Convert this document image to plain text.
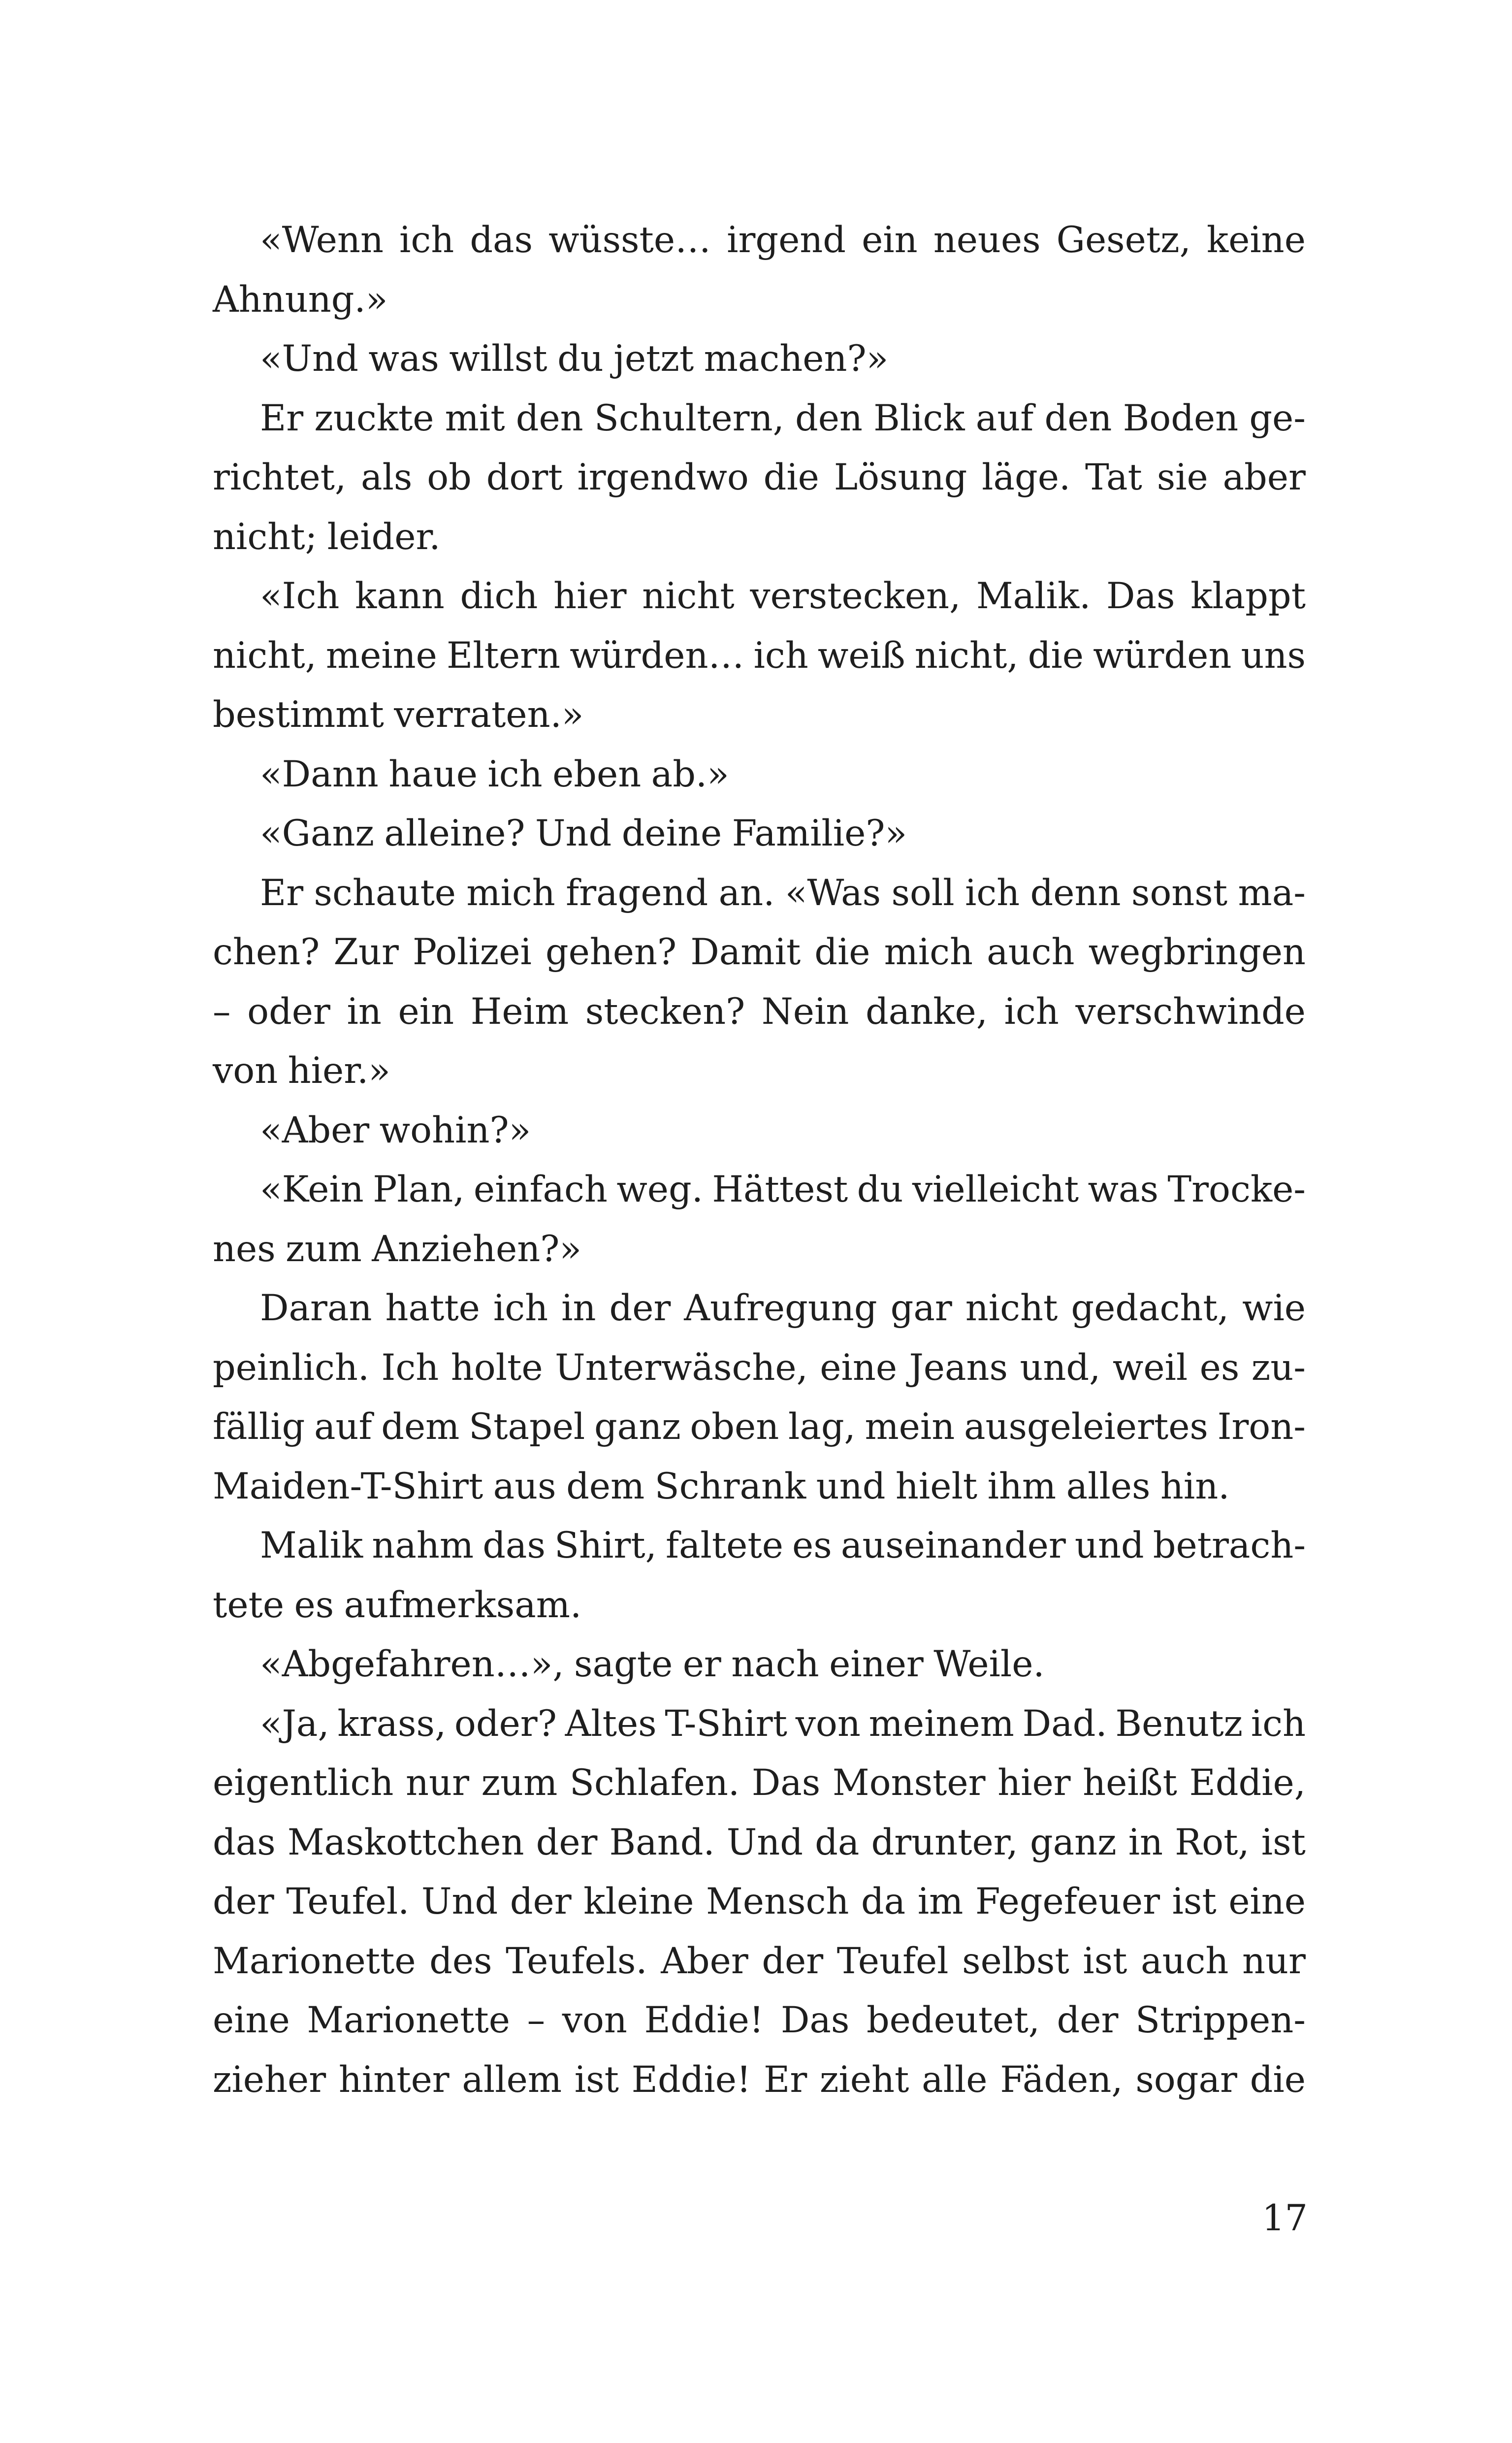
«Wenn ich das wüsste… irgend ein neues Gesetz, keine
Ahnung.»
«Und was willst du jetzt machen?»
Er zuckte mit den Schultern, den Blick auf den Boden ge-
richtet, als ob dort irgendwo die Lösung läge. Tat sie aber
nicht; leider.
«Ich kann dich hier nicht verstecken, Malik. Das klappt
nicht, meine Eltern würden… ich weiß nicht, die würden uns
bestimmt verraten.»
«Dann haue ich eben ab.»
«Ganz alleine? Und deine Familie?»
Er schaute mich fragend an. «Was soll ich denn sonst ma-
chen? Zur Polizei gehen? Damit die mich auch wegbringen
– oder in ein Heim stecken? Nein danke, ich verschwinde
von hier.»
«Aber wohin?»
«Kein Plan, einfach weg. Hättest du vielleicht was Trocke-
nes zum Anziehen?»
Daran hatte ich in der Aufregung gar nicht gedacht, wie
peinlich. Ich holte Unterwäsche, eine Jeans und, weil es zu-
fällig auf dem Stapel ganz oben lag, mein ausgeleiertes Iron-
Maiden-T-Shirt aus dem Schrank und hielt ihm alles hin.
Malik nahm das Shirt, faltete es auseinander und betrach-
tete es aufmerksam.
«Abgefahren…», sagte er nach einer Weile.
«Ja, krass, oder? Altes T-Shirt von meinem Dad. Benutz ich
eigentlich nur zum Schlafen. Das Monster hier heißt Eddie,
das Maskottchen der Band. Und da drunter, ganz in Rot, ist
der Teufel. Und der kleine Mensch da im Fegefeuer ist eine
Marionette des Teufels. Aber der Teufel selbst ist auch nur
eine Marionette – von Eddie! Das bedeutet, der Strippen-
zieher hinter allem ist Eddie! Er zieht alle Fäden, sogar die
17
